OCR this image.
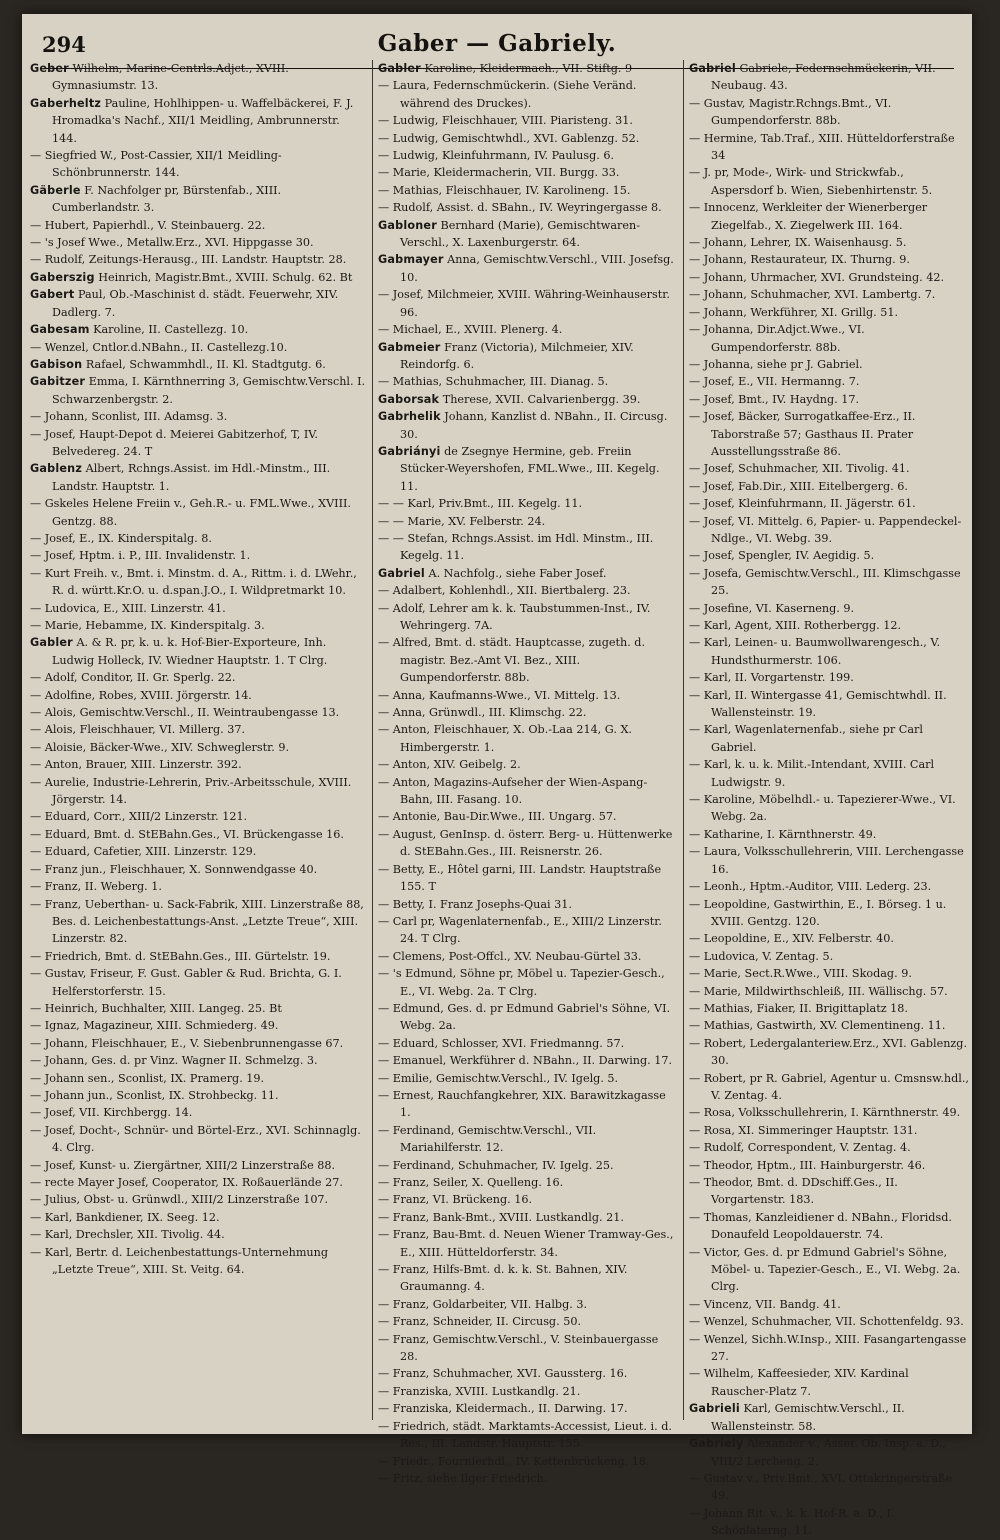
294	Gaber — Gabriely.
Geber Wilhelm, Marine-Centrls.Adjct., XVIII. Gymnasiumstr. 13.
Gaberheltz Pauline, Hohlhippen- u. Waffelbäckerei, F. J. Hromadka's Nachf., XII/1 Meidling, Ambrunnerstr. 144.
— Siegfried W., Post-Cassier, XII/1 Meidling-Schönbrunnerstr. 144.
Gäberle F. Nachfolger pr, Bürstenfab., XIII. Cumberlandstr. 3.
— Hubert, Papierhdl., V. Steinbauerg. 22.
— 's Josef Wwe., Metallw.Erz., XVI. Hippgasse 30.
— Rudolf, Zeitungs-Herausg., III. Landstr. Hauptstr. 28.
Gaberszig Heinrich, Magistr.Bmt., XVIII. Schulg. 62. Bt
Gabert Paul, Ob.-Maschinist d. städt. Feuerwehr, XIV. Dadlerg. 7.
Gabesam Karoline, II. Castellezg. 10.
— Wenzel, Cntlor.d.NBahn., II. Castellezg.10.
Gabison Rafael, Schwammhdl., II. Kl. Stadtgutg. 6.
Gabitzer Emma, I. Kärnthnerring 3, Gemischtw.Verschl. I. Schwarzenbergstr. 2.
— Johann, Sconlist, III. Adamsg. 3.
— Josef, Haupt-Depot d. Meierei Gabitzerhof, T, IV. Belvedereg. 24. T
Gablenz Albert, Rchngs.Assist. im Hdl.-Minstm., III. Landstr. Hauptstr. 1.
— Gskeles Helene Freiin v., Geh.R.- u. FML.Wwe., XVIII. Gentzg. 88.
— Josef, E., IX. Kinderspitalg. 8.
— Josef, Hptm. i. P., III. Invalidenstr. 1.
— Kurt Freih. v., Bmt. i. Minstm. d. A., Rittm. i. d. LWehr., R. d. württ.Kr.O. u. d.span.J.O., I. Wildpretmarkt 10.
— Ludovica, E., XIII. Linzerstr. 41.
— Marie, Hebamme, IX. Kinderspitalg. 3.
Gabler A. & R. pr, k. u. k. Hof-Bier-Exporteure, Inh. Ludwig Holleck, IV. Wiedner Hauptstr. 1. T Clrg.
— Adolf, Conditor, II. Gr. Sperlg. 22.
— Adolfine, Robes, XVIII. Jörgerstr. 14.
— Alois, Gemischtw.Verschl., II. Weintraubengasse 13.
— Alois, Fleischhauer, VI. Millerg. 37.
— Aloisie, Bäcker-Wwe., XIV. Schweglerstr. 9.
— Anton, Brauer, XIII. Linzerstr. 392.
— Aurelie, Industrie-Lehrerin, Priv.-Arbeitsschule, XVIII. Jörgerstr. 14.
— Eduard, Corr., XIII/2 Linzerstr. 121.
— Eduard, Bmt. d. StEBahn.Ges., VI. Brückengasse 16.
— Eduard, Cafetier, XIII. Linzerstr. 129.
— Franz jun., Fleischhauer, X. Sonnwendgasse 40.
— Franz, II. Weberg. 1.
— Franz, Ueberthan- u. Sack-Fabrik, XIII. Linzerstraße 88, Bes. d. Leichenbestattungs-Anst. „Letzte Treue“, XIII. Linzerstr. 82.
— Friedrich, Bmt. d. StEBahn.Ges., III. Gürtelstr. 19.
— Gustav, Friseur, F. Gust. Gabler & Rud. Brichta, G. I. Helferstorferstr. 15.
— Heinrich, Buchhalter, XIII. Langeg. 25. Bt
— Ignaz, Magazineur, XIII. Schmiederg. 49.
— Johann, Fleischhauer, E., V. Siebenbrunnengasse 67.
— Johann, Ges. d. pr Vinz. Wagner II. Schmelzg. 3.
— Johann sen., Sconlist, IX. Pramerg. 19.
— Johann jun., Sconlist, IX. Strohbeckg. 11.
— Josef, VII. Kirchbergg. 14.
— Josef, Docht-, Schnür- und Börtel-Erz., XVI. Schinnaglg. 4. Clrg.
— Josef, Kunst- u. Ziergärtner, XIII/2 Linzerstraße 88.
— recte Mayer Josef, Cooperator, IX. Roßauerlände 27.
— Julius, Obst- u. Grünwdl., XIII/2 Linzerstraße 107.
— Karl, Bankdiener, IX. Seeg. 12.
— Karl, Drechsler, XII. Tivolig. 44.
— Karl, Bertr. d. Leichenbestattungs-Unternehmung „Letzte Treue“, XIII. St. Veitg. 64.
Gabler Karoline, Kleidermach., VII. Stiftg. 9
— Laura, Federnschmückerin. (Siehe Veränd. während des Druckes).
— Ludwig, Fleischhauer, VIII. Piaristeng. 31.
— Ludwig, Gemischtwhdl., XVI. Gablenzg. 52.
— Ludwig, Kleinfuhrmann, IV. Paulusg. 6.
— Marie, Kleidermacherin, VII. Burgg. 33.
— Mathias, Fleischhauer, IV. Karolineng. 15.
— Rudolf, Assist. d. SBahn., IV. Weyringergasse 8.
Gabloner Bernhard (Marie), Gemischtwaren-Verschl., X. Laxenburgerstr. 64.
Gabmayer Anna, Gemischtw.Verschl., VIII. Josefsg. 10.
— Josef, Milchmeier, XVIII. Währing-Weinhauserstr. 96.
— Michael, E., XVIII. Plenerg. 4.
Gabmeier Franz (Victoria), Milchmeier, XIV. Reindorfg. 6.
— Mathias, Schuhmacher, III. Dianag. 5.
Gaborsak Therese, XVII. Calvarienbergg. 39.
Gabrhelik Johann, Kanzlist d. NBahn., II. Circusg. 30.
Gabriányi de Zsegnye Hermine, geb. Freiin Stücker-Weyershofen, FML.Wwe., III. Kegelg. 11.
— — Karl, Priv.Bmt., III. Kegelg. 11.
— — Marie, XV. Felberstr. 24.
— — Stefan, Rchngs.Assist. im Hdl. Minstm., III. Kegelg. 11.
Gabriel A. Nachfolg., siehe Faber Josef.
— Adalbert, Kohlenhdl., XII. Biertbalerg. 23.
— Adolf, Lehrer am k. k. Taubstummen-Inst., IV. Wehringerg. 7A.
— Alfred, Bmt. d. städt. Hauptcasse, zugeth. d. magistr. Bez.-Amt VI. Bez., XIII. Gumpendorferstr. 88b.
— Anna, Kaufmanns-Wwe., VI. Mittelg. 13.
— Anna, Grünwdl., III. Klimschg. 22.
— Anton, Fleischhauer, X. Ob.-Laa 214, G. X. Himbergerstr. 1.
— Anton, XIV. Geibelg. 2.
— Anton, Magazins-Aufseher der Wien-Aspang-Bahn, III. Fasang. 10.
— Antonie, Bau-Dir.Wwe., III. Ungarg. 57.
— August, GenInsp. d. österr. Berg- u. Hüttenwerke d. StEBahn.Ges., III. Reisnerstr. 26.
— Betty, E., Hôtel garni, III. Landstr. Hauptstraße 155. T
— Betty, I. Franz Josephs-Quai 31.
— Carl pr, Wagenlaternenfab., E., XIII/2 Linzerstr. 24. T Clrg.
— Clemens, Post-Offcl., XV. Neubau-Gürtel 33.
— 's Edmund, Söhne pr, Möbel u. Tapezier-Gesch., E., VI. Webg. 2a. T Clrg.
— Edmund, Ges. d. pr Edmund Gabriel's Söhne, VI. Webg. 2a.
— Eduard, Schlosser, XVI. Friedmanng. 57.
— Emanuel, Werkführer d. NBahn., II. Darwing. 17.
— Emilie, Gemischtw.Verschl., IV. Igelg. 5.
— Ernest, Rauchfangkehrer, XIX. Barawitzkagasse 1.
— Ferdinand, Gemischtw.Verschl., VII. Mariahilferstr. 12.
— Ferdinand, Schuhmacher, IV. Igelg. 25.
— Franz, Seiler, X. Quelleng. 16.
— Franz, VI. Brückeng. 16.
— Franz, Bank-Bmt., XVIII. Lustkandlg. 21.
— Franz, Bau-Bmt. d. Neuen Wiener Tramway-Ges., E., XIII. Hütteldorferstr. 34.
— Franz, Hilfs-Bmt. d. k. k. St. Bahnen, XIV. Graumanng. 4.
— Franz, Goldarbeiter, VII. Halbg. 3.
— Franz, Schneider, II. Circusg. 50.
— Franz, Gemischtw.Verschl., V. Steinbauergasse 28.
— Franz, Schuhmacher, XVI. Gaussterg. 16.
— Franziska, XVIII. Lustkandlg. 21.
— Franziska, Kleidermach., II. Darwing. 17.
— Friedrich, städt. Marktamts-Accessist, Lieut. i. d. Res., III. Landstr. Hauptstr. 155.
— Friedr., Fournierhdl., IV. Kettenbrückeng. 18.
— Fritz, siehe Ilger Friedrich.
Gabriel Gabriele, Federnschmückerin, VII. Neubaug. 43.
— Gustav, Magistr.Rchngs.Bmt., VI. Gumpendorferstr. 88b.
— Hermine, Tab.Traf., XIII. Hütteldorferstraße 34
— J. pr, Mode-, Wirk- und Strickwfab., Aspersdorf b. Wien, Siebenhirtenstr. 5.
— Innocenz, Werkleiter der Wienerberger Ziegelfab., X. Ziegelwerk III. 164.
— Johann, Lehrer, IX. Waisenhausg. 5.
— Johann, Restaurateur, IX. Thurng. 9.
— Johann, Uhrmacher, XVI. Grundsteing. 42.
— Johann, Schuhmacher, XVI. Lambertg. 7.
— Johann, Werkführer, XI. Grillg. 51.
— Johanna, Dir.Adjct.Wwe., VI. Gumpendorferstr. 88b.
— Johanna, siehe pr J. Gabriel.
— Josef, E., VII. Hermanng. 7.
— Josef, Bmt., IV. Haydng. 17.
— Josef, Bäcker, Surrogatkaffee-Erz., II. Taborstraße 57; Gasthaus II. Prater Ausstellungsstraße 86.
— Josef, Schuhmacher, XII. Tivolig. 41.
— Josef, Fab.Dir., XIII. Eitelbergerg. 6.
— Josef, Kleinfuhrmann, II. Jägerstr. 61.
— Josef, VI. Mittelg. 6, Papier- u. Pappendeckel-Ndlge., VI. Webg. 39.
— Josef, Spengler, IV. Aegidig. 5.
— Josefa, Gemischtw.Verschl., III. Klimschgasse 25.
— Josefine, VI. Kaserneng. 9.
— Karl, Agent, XIII. Rotherbergg. 12.
— Karl, Leinen- u. Baumwollwarengesch., V. Hundsthurmerstr. 106.
— Karl, II. Vorgartenstr. 199.
— Karl, II. Wintergasse 41, Gemischtwhdl. II. Wallensteinstr. 19.
— Karl, Wagenlaternenfab., siehe pr Carl Gabriel.
— Karl, k. u. k. Milit.-Intendant, XVIII. Carl Ludwigstr. 9.
— Karoline, Möbelhdl.- u. Tapezierer-Wwe., VI. Webg. 2a.
— Katharine, I. Kärnthnerstr. 49.
— Laura, Volksschullehrerin, VIII. Lerchengasse 16.
— Leonh., Hptm.-Auditor, VIII. Lederg. 23.
— Leopoldine, Gastwirthin, E., I. Börseg. 1 u. XVIII. Gentzg. 120.
— Leopoldine, E., XIV. Felberstr. 40.
— Ludovica, V. Zentag. 5.
— Marie, Sect.R.Wwe., VIII. Skodag. 9.
— Marie, Mildwirthschleiß, III. Wällischg. 57.
— Mathias, Fiaker, II. Brigittaplatz 18.
— Mathias, Gastwirth, XV. Clementineng. 11.
— Robert, Ledergalanteriew.Erz., XVI. Gablenzg. 30.
— Robert, pr R. Gabriel, Agentur u. Cmsnsw.hdl., V. Zentag. 4.
— Rosa, Volksschullehrerin, I. Kärnthnerstr. 49.
— Rosa, XI. Simmeringer Hauptstr. 131.
— Rudolf, Correspondent, V. Zentag. 4.
— Theodor, Hptm., III. Hainburgerstr. 46.
— Theodor, Bmt. d. DDschiff.Ges., II. Vorgartenstr. 183.
— Thomas, Kanzleidiener d. NBahn., Floridsd. Donaufeld Leopoldauerstr. 74.
— Victor, Ges. d. pr Edmund Gabriel's Söhne, Möbel- u. Tapezier-Gesch., E., VI. Webg. 2a. Clrg.
— Vincenz, VII. Bandg. 41.
— Wenzel, Schuhmacher, VII. Schottenfeldg. 93.
— Wenzel, Sichh.W.Insp., XIII. Fasangartengasse 27.
— Wilhelm, Kaffeesieder, XIV. Kardinal Rauscher-Platz 7.
Gabrieli Karl, Gemischtw.Verschl., II. Wallensteinstr. 58.
Gabriely Alexander v., Asser. Ob. Insp. a. D., VIII/2 Lercheng. 2.
— Gustav v., Priv.Bmt., XVI. Ottakringerstraße 49.
— Johann Rit. v., k. k. Hof-R. a. D., I. Schönlaterng. 11.
